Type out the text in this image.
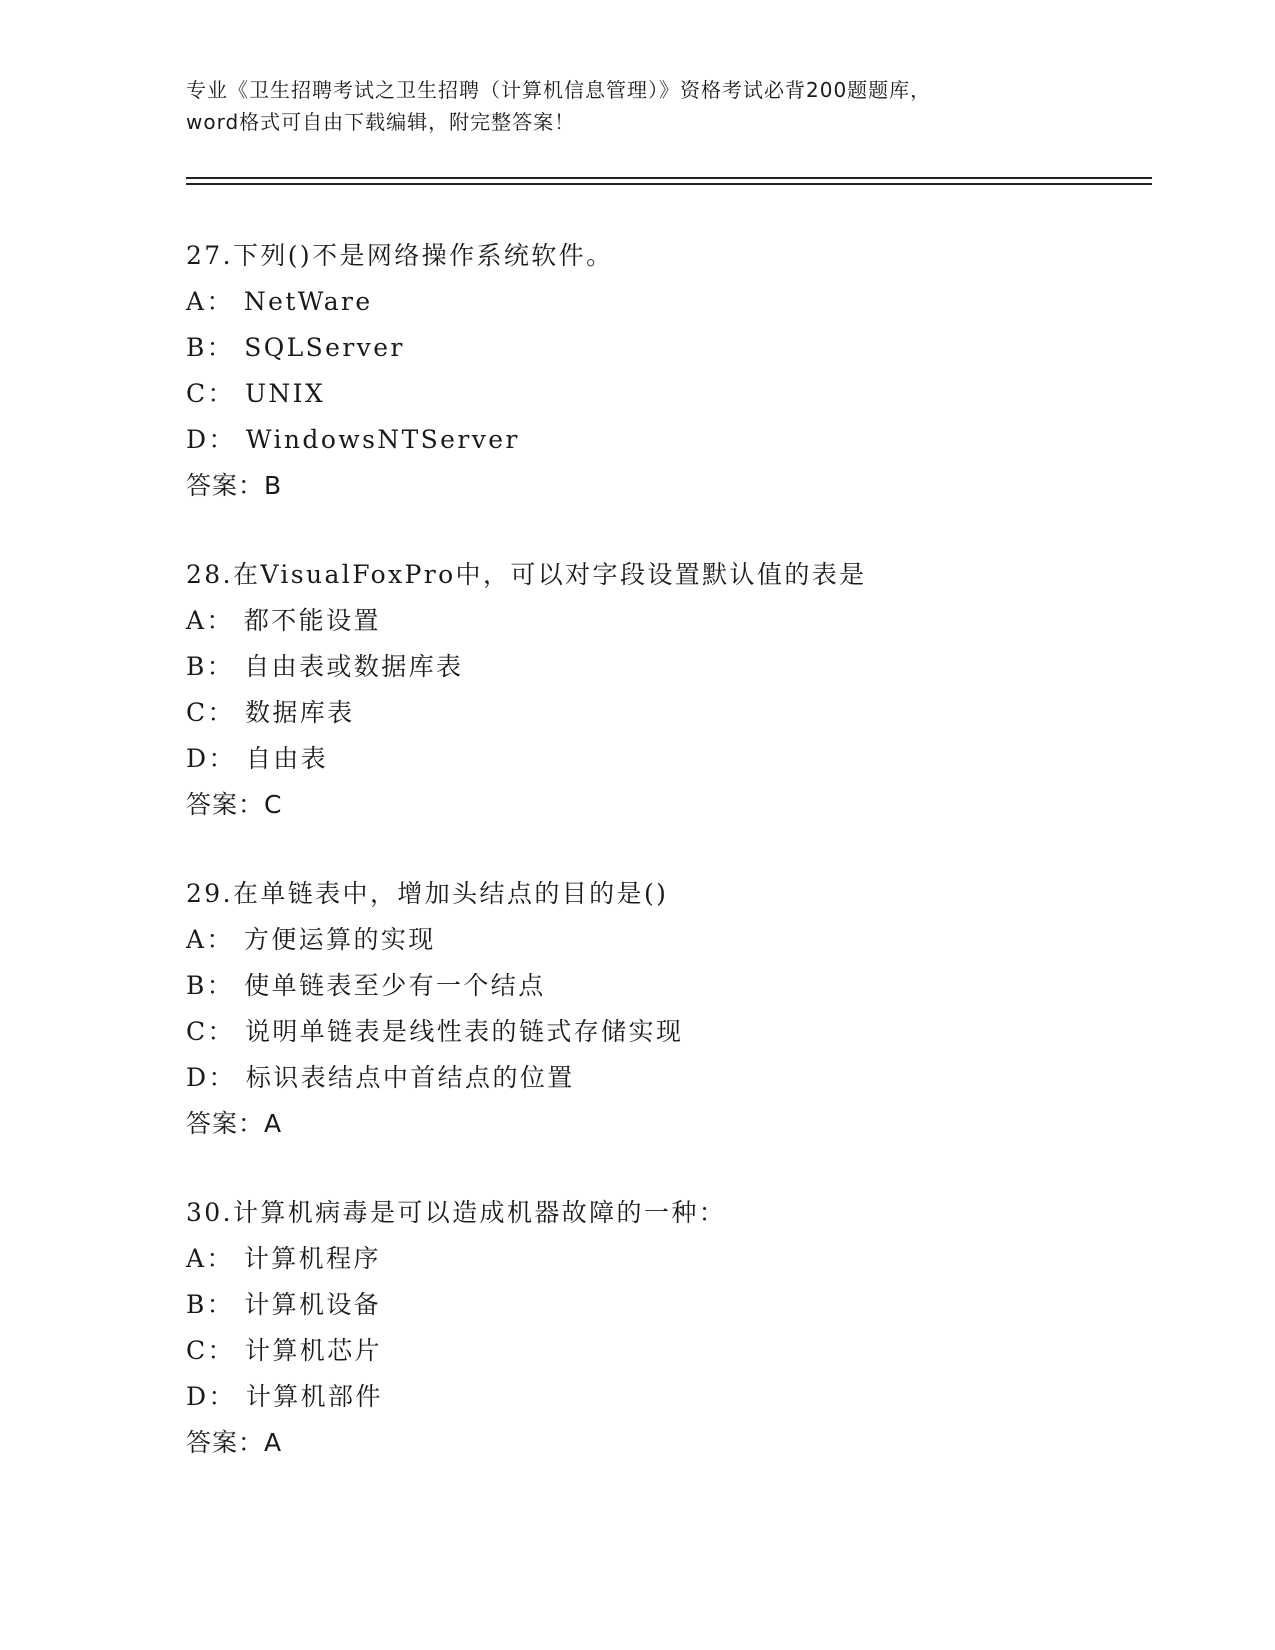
专业《卫生招聘考试之卫生招聘（计算机信息管理）》资格考试必背200题题库，
word格式可自由下载编辑，附完整答案！
27.下列()不是网络操作系统软件。
A： NetWare
B： SQLServer
C： UNIX
D： WindowsNTServer
答案：B
28.在VisualFoxPro中，可以对字段设置默认值的表是
A： 都不能设置
B： 自由表或数据库表
C： 数据库表
D： 自由表
答案：C
29.在单链表中，增加头结点的目的是()
A： 方便运算的实现
B： 使单链表至少有一个结点
C： 说明单链表是线性表的链式存储实现
D： 标识表结点中首结点的位置
答案：A
30.计算机病毒是可以造成机器故障的一种：
A： 计算机程序
B： 计算机设备
C： 计算机芯片
D： 计算机部件
答案：A
